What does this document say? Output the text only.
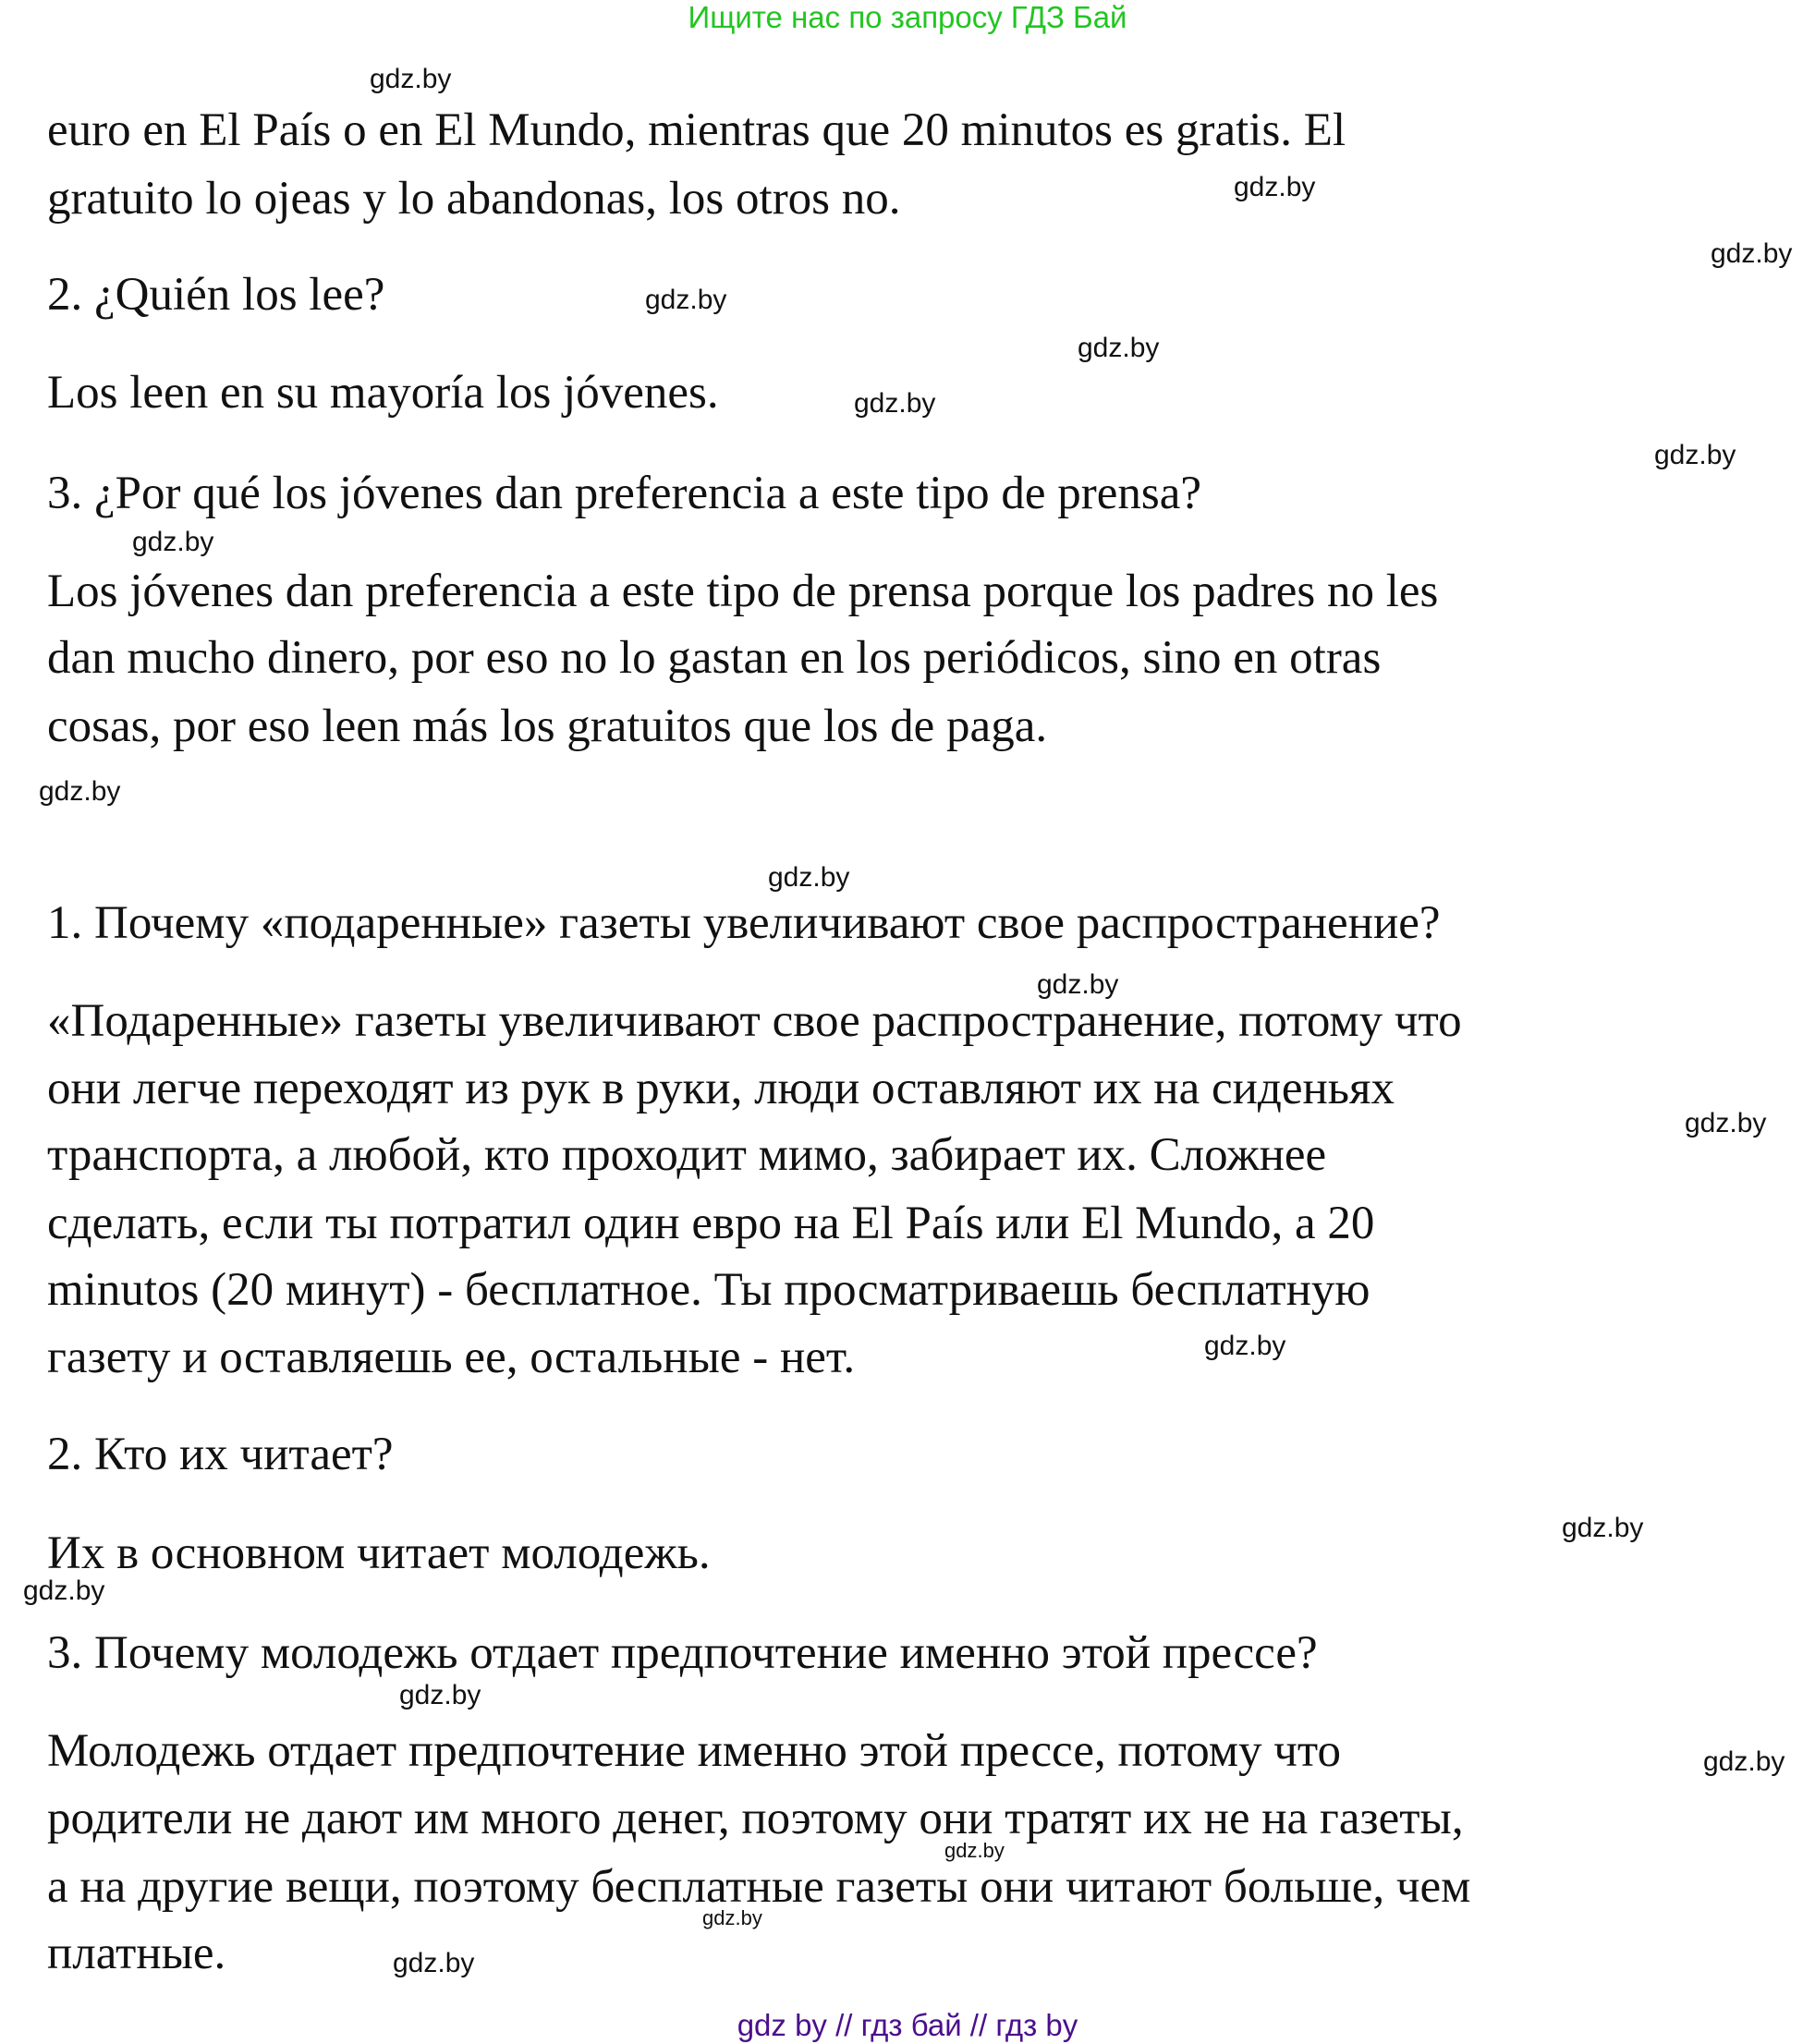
Ищите нас по запросу ГДЗ Бай
euro en El País o en El Mundo, mientras que 20 minutos es gratis. El
gratuito lo ojeas y lo abandonas, los otros no.
2. ¿Quién los lee?
Los leen en su mayoría los jóvenes.
3. ¿Por qué los jóvenes dan preferencia a este tipo de prensa?
Los jóvenes dan preferencia a este tipo de prensa porque los padres no les
dan mucho dinero, por eso no lo gastan en los periódicos, sino en otras
cosas, por eso leen más los gratuitos que los de paga.
1. Почему «подаренные» газеты увеличивают свое распространение?
«Подаренные» газеты увеличивают свое распространение, потому что
они легче переходят из рук в руки, люди оставляют их на сиденьях
транспорта, а любой, кто проходит мимо, забирает их. Сложнее
сделать, если ты потратил один евро на El País или El Mundo, а 20
minutos (20 минут) - бесплатное. Ты просматриваешь бесплатную
газету и оставляешь ее, остальные - нет.
2. Кто их читает?
Их в основном читает молодежь.
3. Почему молодежь отдает предпочтение именно этой прессе?
Молодежь отдает предпочтение именно этой прессе, потому что
родители не дают им много денег, поэтому они тратят их не на газеты,
а на другие вещи, поэтому бесплатные газеты они читают больше, чем
платные.
gdz.by
gdz.by
gdz.by
gdz.by
gdz.by
gdz.by
gdz.by
gdz.by
gdz.by
gdz.by
gdz.by
gdz.by
gdz.by
gdz.by
gdz.by
gdz.by
gdz.by
gdz.by
gdz.by
gdz.by
gdz by // гдз бай // гдз by
